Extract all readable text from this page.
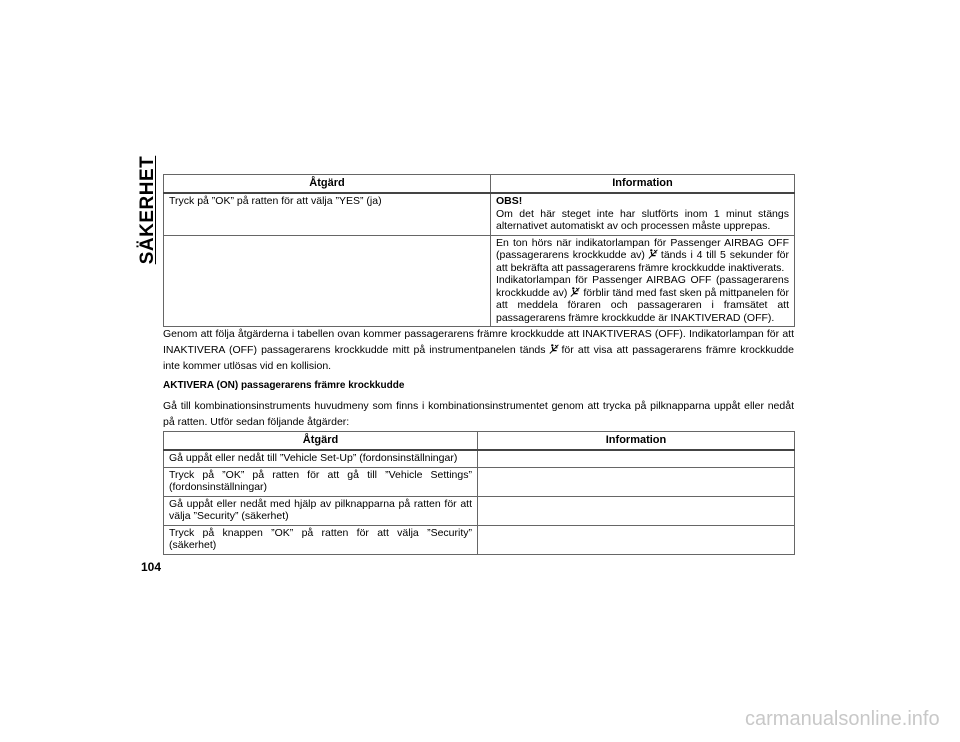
SÄKERHET	Åtgärd	Information
Tryck på ”OK” på ratten för att välja ”YES” (ja)	OBS!
Om det här steget inte har slutförts inom 1 minut stängs alternativet automatiskt av och processen måste upprepas.

	En ton hörs när indikatorlampan för Passenger AIRBAG OFF (passagerarens krockkudde av) tänds i 4 till 5 sekunder för att bekräfta att passagerarens främre krockkudde inaktiverats.
Indikatorlampan för Passenger AIRBAG OFF (passagerarens krockkudde av) förblir tänd med fast sken på mittpanelen för att meddela föraren och passageraren i framsätet att passagerarens främre krockkudde är INAKTIVERAD (OFF).

Genom att följa åtgärderna i tabellen ovan kommer passagerarens främre krockkudde att INAKTIVERAS (OFF). Indikatorlampan för att INAKTIVERA (OFF) passagerarens krockkudde mitt på instrumentpanelen tänds för att visa att passagerarens främre krockkudde inte kommer utlösas vid en kollision.

AKTIVERA (ON) passagerarens främre krockkudde

Gå till kombinationsinstruments huvudmeny som finns i kombinationsinstrumentet genom att trycka på pilknapparna uppåt eller nedåt på ratten. Utför sedan följande åtgärder:

Åtgärd	Information
Gå uppåt eller nedåt till ”Vehicle Set-Up” (fordonsinställningar)	
Tryck på ”OK” på ratten för att gå till ”Vehicle Settings” (fordonsinställningar)	
Gå uppåt eller nedåt med hjälp av pilknapparna på ratten för att välja ”Security” (säkerhet)	
Tryck på knappen ”OK” på ratten för att välja ”Security” (säkerhet)	
104
carmanualsonline.info
